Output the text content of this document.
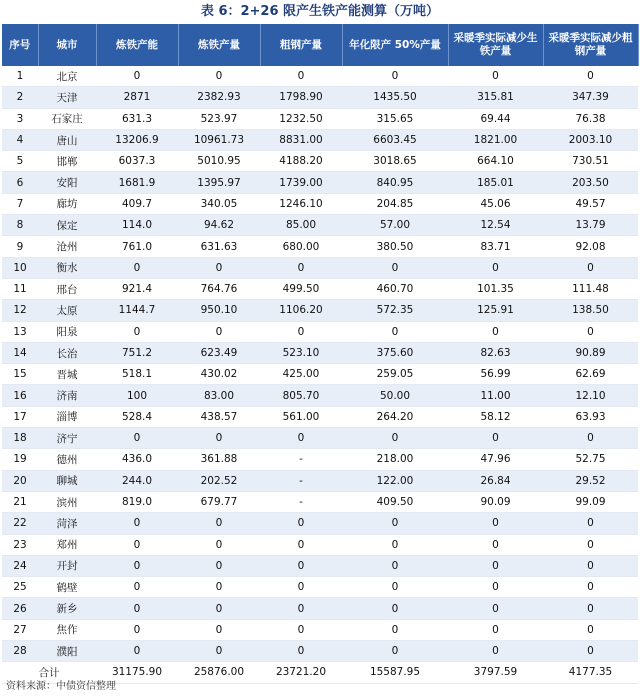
表 6：2+26 限产生铁产能测算（万吨）
序号	城市	炼铁产能	炼铁产量	粗钢产量	年化限产 50%产量	采暖季实际减少生铁产量	采暖季实际减少粗钢产量
1	北京	0	0	0	0	0	0
2	天津	2871	2382.93	1798.90	1435.50	315.81	347.39
3	石家庄	631.3	523.97	1232.50	315.65	69.44	76.38
4	唐山	13206.9	10961.73	8831.00	6603.45	1821.00	2003.10
5	邯郸	6037.3	5010.95	4188.20	3018.65	664.10	730.51
6	安阳	1681.9	1395.97	1739.00	840.95	185.01	203.50
7	廊坊	409.7	340.05	1246.10	204.85	45.06	49.57
8	保定	114.0	94.62	85.00	57.00	12.54	13.79
9	沧州	761.0	631.63	680.00	380.50	83.71	92.08
10	衡水	0	0	0	0	0	0
11	邢台	921.4	764.76	499.50	460.70	101.35	111.48
12	太原	1144.7	950.10	1106.20	572.35	125.91	138.50
13	阳泉	0	0	0	0	0	0
14	长治	751.2	623.49	523.10	375.60	82.63	90.89
15	晋城	518.1	430.02	425.00	259.05	56.99	62.69
16	济南	100	83.00	805.70	50.00	11.00	12.10
17	淄博	528.4	438.57	561.00	264.20	58.12	63.93
18	济宁	0	0	0	0	0	0
19	德州	436.0	361.88	-	218.00	47.96	52.75
20	聊城	244.0	202.52	-	122.00	26.84	29.52
21	滨州	819.0	679.77	-	409.50	90.09	99.09
22	菏泽	0	0	0	0	0	0
23	郑州	0	0	0	0	0	0
24	开封	0	0	0	0	0	0
25	鹤壁	0	0	0	0	0	0
26	新乡	0	0	0	0	0	0
27	焦作	0	0	0	0	0	0
28	濮阳	0	0	0	0	0	0
合计		31175.90	25876.00	23721.20	15587.95	3797.59	4177.35
资料来源：中债资信整理
